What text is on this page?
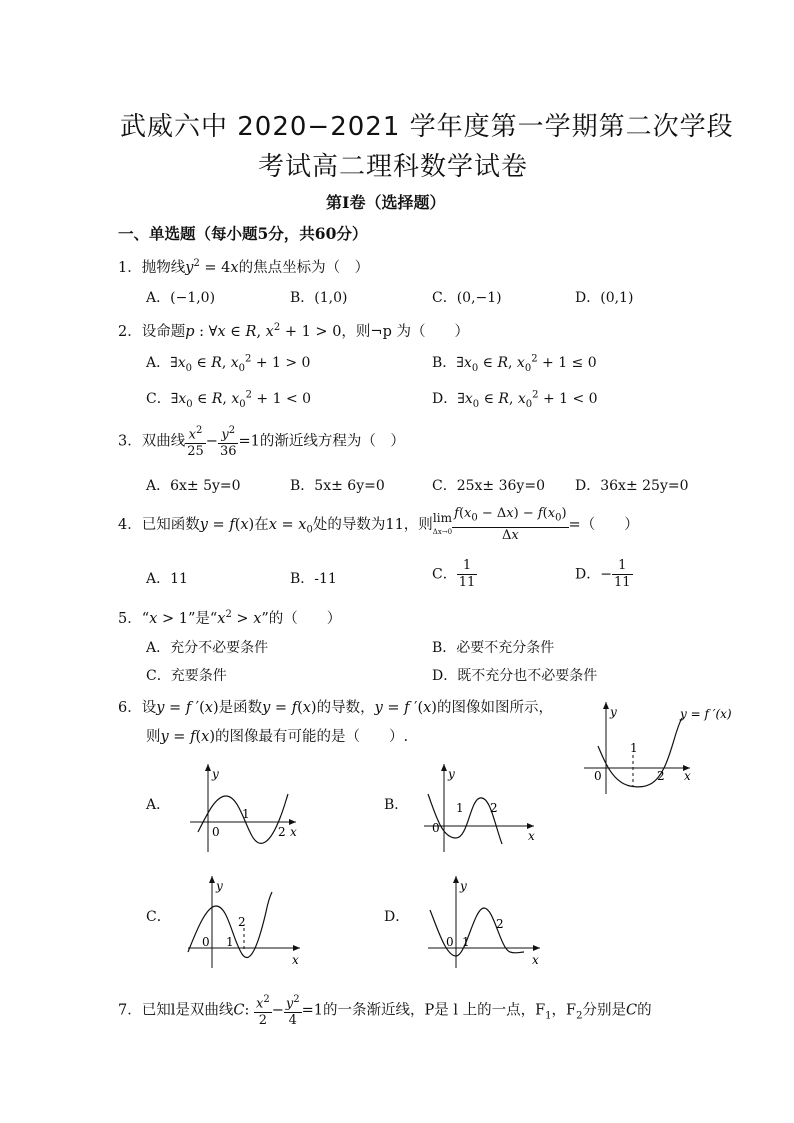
武威六中 2020−2021 学年度第一学期第二次学段
考试高二理科数学试卷
第Ⅰ卷（选择题）
一、单选题（每小题5分，共60分）
1．抛物线$y^2 = 4x$的焦点坐标为（　）
A．(−1,0)	B．(1,0)	C．(0,−1)	D．(0,1)
2．设命题p : ∀x ∈ R, $x^2 + 1 > 0$，则¬p 为（　　）
A．$\exists x_0$ ∈ R, $x_0^2 + 1 > 0$	B．$\exists x_0$ ∈ R, $x_0^2 + 1 \le 0$
C．$\exists x_0$ ∈ R, $x_0^2 + 1 < 0$	D．$\exists x_0$ ∈ R, $x_0^2 + 1 < 0$
3．双曲线 $\frac{x^2}{25} - \frac{y^2}{36} =1$的渐近线方程为（　）
A．6x± 5y=0	B．5x± 6y=0	C．25x± 36y=0 D．36x± 25y=0
4．已知函数y = f(x)在$x = x_0$处的导数为11，则lim
$\Delta x\to 0 \frac{f(x_0 - \Delta x) - f(x_0)}{\Delta x}$ =（　　）
A．11	B．-11	C． $\frac{1}{11}$	D．− $\frac{1}{11}$
5．“x > 1”是“$x^2 > x$”的（　　）
A．充分不必要条件	B．必要不充分条件
C．充要条件	D．既不充分也不必要条件
6．设y = f ′(x)是函数y = f(x)的导数，y = f ′(x)的图像如图所示，
则y = f(x)的图像最有可能的是（　　）.
y
x
0
1
2
y = f ′(x)
A．
y
x
0
1
2
B．
y
x
0
1 2
C．
y
x
0 1
2	D．
y
x
0 1
2
7．已知l是双曲线C: $\frac{x^2}{2} - \frac{y^2}{4} =1$的一条渐近线，P是 l 上的一点，$F_1$，$F_2$分别是C的
